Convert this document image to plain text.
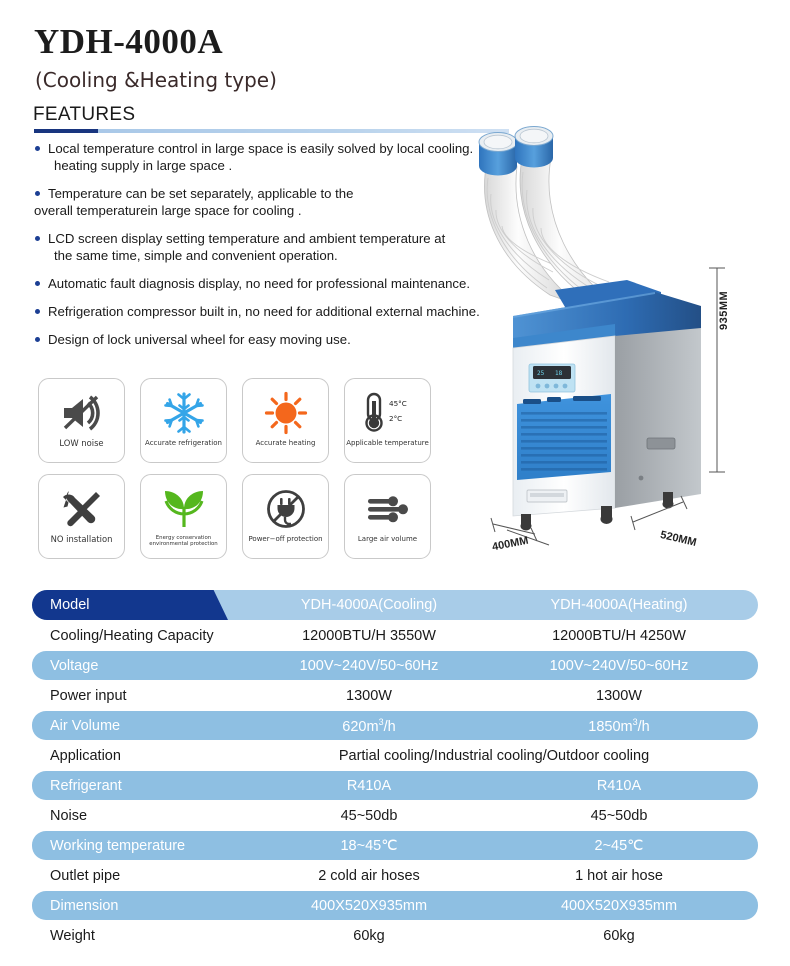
YDH-4000A
(Cooling &Heating type)
FEATURES
Local temperature control in large space is easily solved by local cooling.
heating supply in large space .
Temperature can be set separately, applicable to the
overall temperaturein large space for cooling .
LCD screen display setting temperature and ambient temperature at
the same time, simple and convenient operation.
Automatic fault diagnosis display, no need for professional maintenance.
Refrigeration compressor built in, no need for additional external machine.
Design of lock universal wheel for easy moving use.
LOW noise	Accurate refrigeration	Accurate heating
45°C
2°C
Applicable temperature
NO installation	Energy conservation
environmental protection
Power−off protection	Large air volume
25 18
935MM
400MM	520MM
Model	YDH-4000A(Cooling)	YDH-4000A(Heating)
Cooling/Heating Capacity	12000BTU/H 3550W	12000BTU/H 4250W
Voltage	100V~240V/50~60Hz	100V~240V/50~60Hz
Power input	1300W	1300W
Air Volume	$620m^3/h$	$1850m^3/h$
Application	Partial cooling/Industrial cooling/Outdoor cooling
Refrigerant	R410A	R410A
Noise	45~50db	45~50db
Working temperature	18~45℃	2~45℃
Outlet pipe	2 cold air hoses	1 hot air hose
Dimension	400X520X935mm	400X520X935mm
Weight	60kg	60kg
